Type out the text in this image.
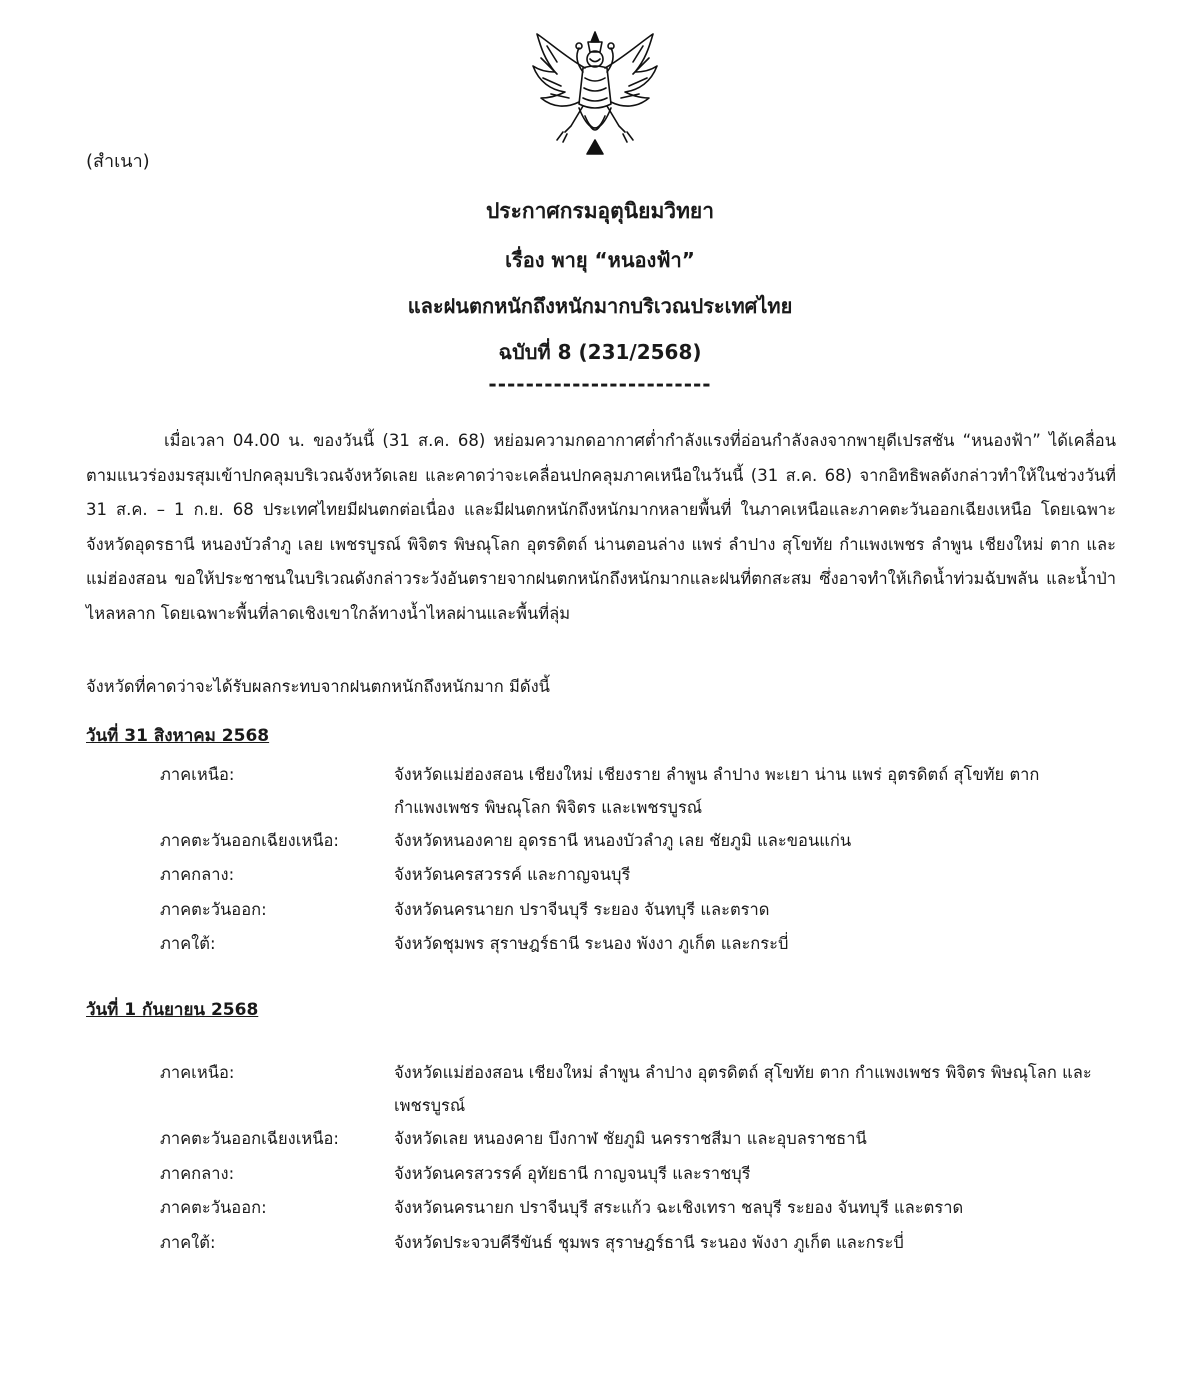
(สำเนา)
ประกาศกรมอุตุนิยมวิทยา
เรื่อง พายุ “หนองฟ้า”
และฝนตกหนักถึงหนักมากบริเวณประเทศไทย
ฉบับที่ 8 (231/2568)
------------------------
เมื่อเวลา 04.00 น. ของวันนี้ (31 ส.ค. 68) หย่อมความกดอากาศต่ำกำลังแรงที่อ่อนกำลังลงจากพายุดีเปรสชัน “หนองฟ้า” ได้เคลื่อนตามแนวร่องมรสุมเข้าปกคลุมบริเวณจังหวัดเลย และคาดว่าจะเคลื่อนปกคลุมภาคเหนือในวันนี้ (31 ส.ค. 68) จากอิทธิพลดังกล่าวทำให้ในช่วงวันที่ 31 ส.ค. – 1 ก.ย. 68 ประเทศไทยมีฝนตกต่อเนื่อง และมีฝนตกหนักถึงหนักมากหลายพื้นที่ ในภาคเหนือและภาคตะวันออกเฉียงเหนือ โดยเฉพาะจังหวัดอุดรธานี หนองบัวลำภู เลย เพชรบูรณ์ พิจิตร พิษณุโลก อุตรดิตถ์ น่านตอนล่าง แพร่ ลำปาง สุโขทัย กำแพงเพชร ลำพูน เชียงใหม่ ตาก และแม่ฮ่องสอน ขอให้ประชาชนในบริเวณดังกล่าวระวังอันตรายจากฝนตกหนักถึงหนักมากและฝนที่ตกสะสม ซึ่งอาจทำให้เกิดน้ำท่วมฉับพลัน และน้ำป่าไหลหลาก โดยเฉพาะพื้นที่ลาดเชิงเขาใกล้ทางน้ำไหลผ่านและพื้นที่ลุ่ม
จังหวัดที่คาดว่าจะได้รับผลกระทบจากฝนตกหนักถึงหนักมาก มีดังนี้
วันที่ 31 สิงหาคม 2568
ภาคเหนือ:	จังหวัดแม่ฮ่องสอน เชียงใหม่ เชียงราย ลำพูน ลำปาง พะเยา น่าน แพร่ อุตรดิตถ์ สุโขทัย ตาก กำแพงเพชร พิษณุโลก พิจิตร และเพชรบูรณ์
ภาคตะวันออกเฉียงเหนือ:	จังหวัดหนองคาย อุดรธานี หนองบัวลำภู เลย ชัยภูมิ และขอนแก่น
ภาคกลาง:	จังหวัดนครสวรรค์ และกาญจนบุรี
ภาคตะวันออก:	จังหวัดนครนายก ปราจีนบุรี ระยอง จันทบุรี และตราด
ภาคใต้:	จังหวัดชุมพร สุราษฎร์ธานี ระนอง พังงา ภูเก็ต และกระบี่
วันที่ 1 กันยายน 2568
ภาคเหนือ:	จังหวัดแม่ฮ่องสอน เชียงใหม่ ลำพูน ลำปาง อุตรดิตถ์ สุโขทัย ตาก กำแพงเพชร พิจิตร พิษณุโลก และเพชรบูรณ์
ภาคตะวันออกเฉียงเหนือ:	จังหวัดเลย หนองคาย บึงกาฬ ชัยภูมิ นครราชสีมา และอุบลราชธานี
ภาคกลาง:	จังหวัดนครสวรรค์ อุทัยธานี กาญจนบุรี และราชบุรี
ภาคตะวันออก:	จังหวัดนครนายก ปราจีนบุรี สระแก้ว ฉะเชิงเทรา ชลบุรี ระยอง จันทบุรี และตราด
ภาคใต้:	จังหวัดประจวบคีรีขันธ์ ชุมพร สุราษฎร์ธานี ระนอง พังงา ภูเก็ต และกระบี่
